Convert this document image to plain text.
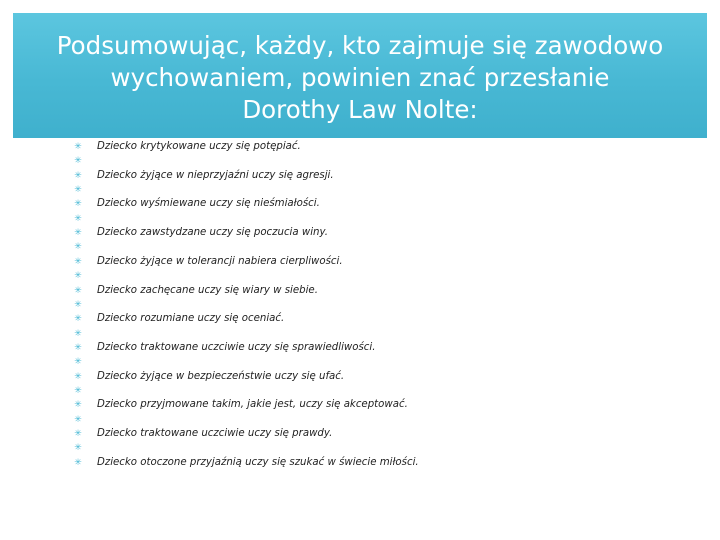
Podsumowując, każdy, kto zajmuje się zawodowo
wychowaniem, powinien znać przesłanie
Dorothy Law Nolte:
✳ Dziecko krytykowane uczy się potępiać.
✳
✳ Dziecko żyjące w nieprzyjaźni uczy się agresji.
✳
✳ Dziecko wyśmiewane uczy się nieśmiałości.
✳
✳ Dziecko zawstydzane uczy się poczucia winy.
✳
✳ Dziecko żyjące w tolerancji nabiera cierpliwości.
✳
✳ Dziecko zachęcane uczy się wiary w siebie.
✳
✳ Dziecko rozumiane uczy się oceniać.
✳
✳ Dziecko traktowane uczciwie uczy się sprawiedliwości.
✳
✳ Dziecko żyjące w bezpieczeństwie uczy się ufać.
✳
✳ Dziecko przyjmowane takim, jakie jest, uczy się akceptować.
✳
✳ Dziecko traktowane uczciwie uczy się prawdy.
✳
✳ Dziecko otoczone przyjaźnią uczy się szukać w świecie miłości.
